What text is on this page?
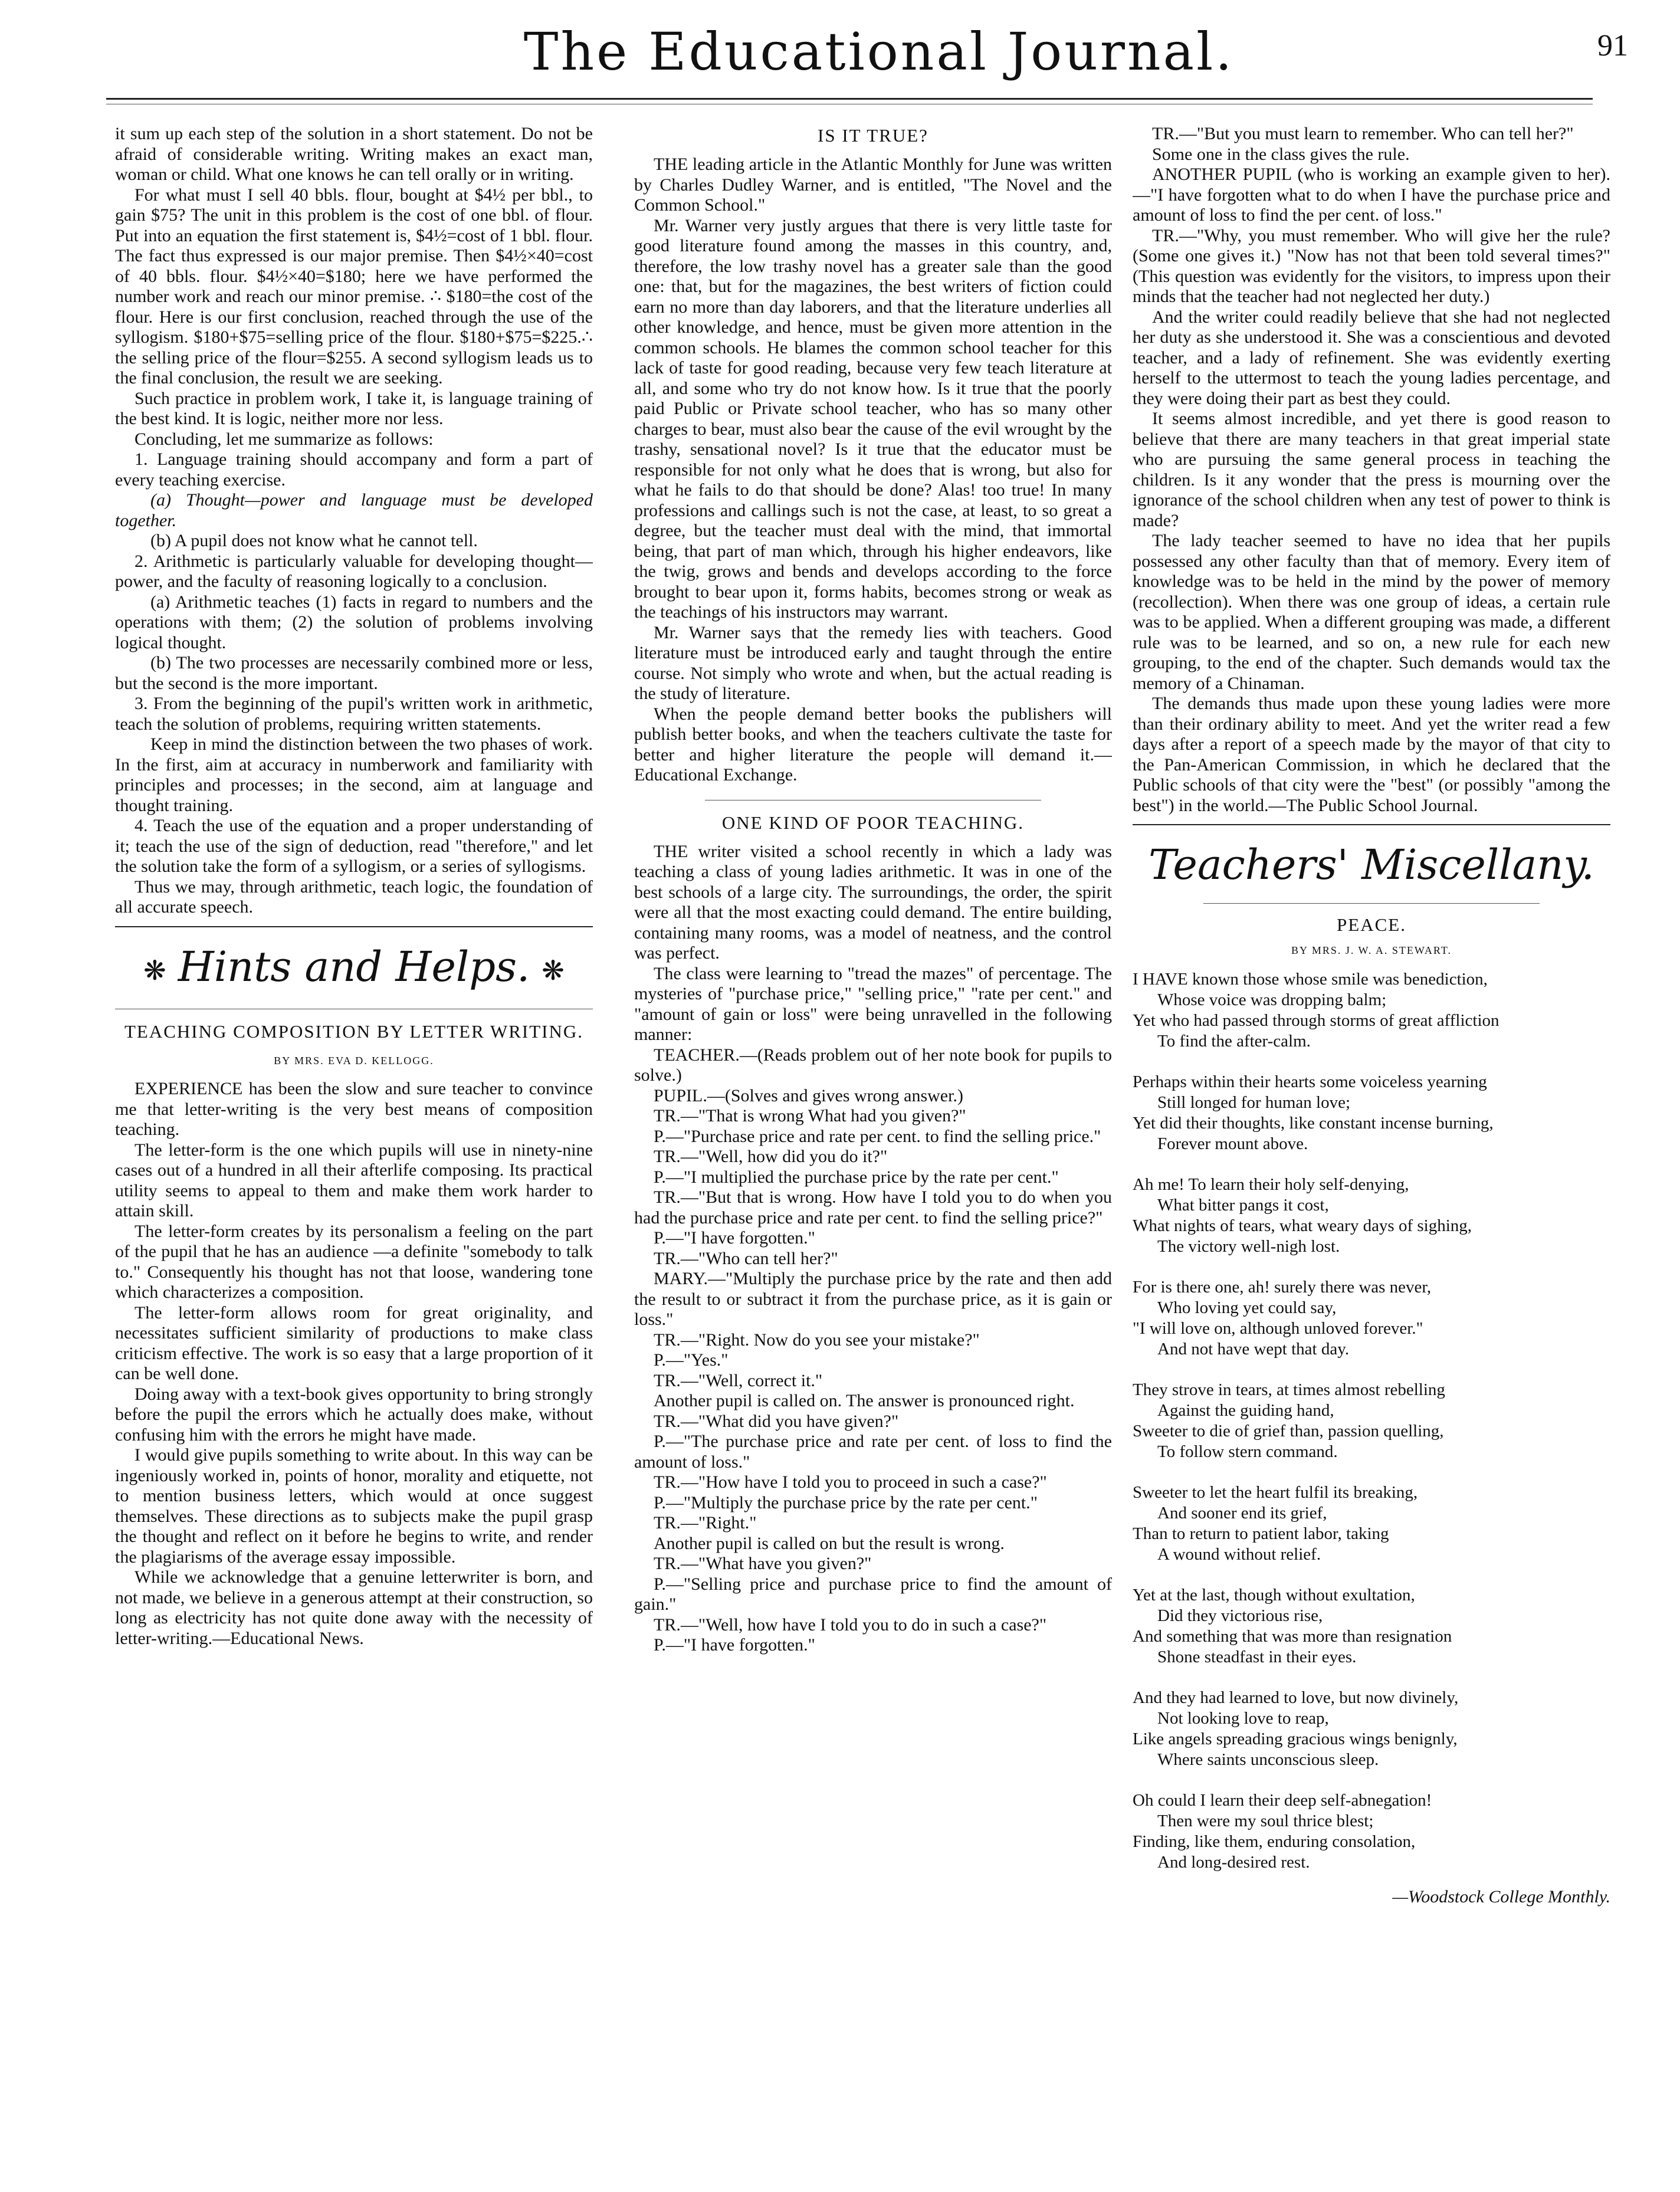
The Educational Journal.	91

it sum up each step of the solution in a short statement. Do not be afraid of considerable writing. Writing makes an exact man, woman or child. What one knows he can tell orally or in writing.

For what must I sell 40 bbls. flour, bought at $4½ per bbl., to gain $75? The unit in this problem is the cost of one bbl. of flour. Put into an equation the first statement is, $4½=cost of 1 bbl. flour. The fact thus expressed is our major premise. Then $4½×40=cost of 40 bbls. flour. $4½×40=$180; here we have performed the number work and reach our minor premise. ∴ $180=the cost of the flour. Here is our first conclusion, reached through the use of the syllogism. $180+$75=selling price of the flour. $180+$75=$225.∴ the selling price of the flour=$255. A second syllogism leads us to the final conclusion, the result we are seeking.

Such practice in problem work, I take it, is language training of the best kind. It is logic, neither more nor less.

Concluding, let me summarize as follows:

1. Language training should accompany and form a part of every teaching exercise.

(a) Thought—power and language must be developed together.

(b) A pupil does not know what he cannot tell.

2. Arithmetic is particularly valuable for developing thought—power, and the faculty of reasoning logically to a conclusion.

(a) Arithmetic teaches (1) facts in regard to numbers and the operations with them; (2) the solution of problems involving logical thought.

(b) The two processes are necessarily combined more or less, but the second is the more important.

3. From the beginning of the pupil's written work in arithmetic, teach the solution of problems, requiring written statements.

Keep in mind the distinction between the two phases of work. In the first, aim at accuracy in numberwork and familiarity with principles and processes; in the second, aim at language and thought training.

4. Teach the use of the equation and a proper understanding of it; teach the use of the sign of deduction, read "therefore," and let the solution take the form of a syllogism, or a series of syllogisms.

Thus we may, through arithmetic, teach logic, the foundation of all accurate speech.

❋ Hints and Helps. ❋
TEACHING COMPOSITION BY LETTER WRITING.
BY MRS. EVA D. KELLOGG.

EXPERIENCE has been the slow and sure teacher to convince me that letter-writing is the very best means of composition teaching.

The letter-form is the one which pupils will use in ninety-nine cases out of a hundred in all their afterlife composing. Its practical utility seems to appeal to them and make them work harder to attain skill.

The letter-form creates by its personalism a feeling on the part of the pupil that he has an audience —a definite "somebody to talk to." Consequently his thought has not that loose, wandering tone which characterizes a composition.

The letter-form allows room for great originality, and necessitates sufficient similarity of productions to make class criticism effective. The work is so easy that a large proportion of it can be well done.

Doing away with a text-book gives opportunity to bring strongly before the pupil the errors which he actually does make, without confusing him with the errors he might have made.

I would give pupils something to write about. In this way can be ingeniously worked in, points of honor, morality and etiquette, not to mention business letters, which would at once suggest themselves. These directions as to subjects make the pupil grasp the thought and reflect on it before he begins to write, and render the plagiarisms of the average essay impossible.

While we acknowledge that a genuine letterwriter is born, and not made, we believe in a generous attempt at their construction, so long as electricity has not quite done away with the necessity of letter-writing.—Educational News.

IS IT TRUE?

THE leading article in the Atlantic Monthly for June was written by Charles Dudley Warner, and is entitled, "The Novel and the Common School."

Mr. Warner very justly argues that there is very little taste for good literature found among the masses in this country, and, therefore, the low trashy novel has a greater sale than the good one: that, but for the magazines, the best writers of fiction could earn no more than day laborers, and that the literature underlies all other knowledge, and hence, must be given more attention in the common schools. He blames the common school teacher for this lack of taste for good reading, because very few teach literature at all, and some who try do not know how. Is it true that the poorly paid Public or Private school teacher, who has so many other charges to bear, must also bear the cause of the evil wrought by the trashy, sensational novel? Is it true that the educator must be responsible for not only what he does that is wrong, but also for what he fails to do that should be done? Alas! too true! In many professions and callings such is not the case, at least, to so great a degree, but the teacher must deal with the mind, that immortal being, that part of man which, through his higher endeavors, like the twig, grows and bends and develops according to the force brought to bear upon it, forms habits, becomes strong or weak as the teachings of his instructors may warrant.

Mr. Warner says that the remedy lies with teachers. Good literature must be introduced early and taught through the entire course. Not simply who wrote and when, but the actual reading is the study of literature.

When the people demand better books the publishers will publish better books, and when the teachers cultivate the taste for better and higher literature the people will demand it.—Educational Exchange.

ONE KIND OF POOR TEACHING.

THE writer visited a school recently in which a lady was teaching a class of young ladies arithmetic. It was in one of the best schools of a large city. The surroundings, the order, the spirit were all that the most exacting could demand. The entire building, containing many rooms, was a model of neatness, and the control was perfect.

The class were learning to "tread the mazes" of percentage. The mysteries of "purchase price," "selling price," "rate per cent." and "amount of gain or loss" were being unravelled in the following manner:

TEACHER.—(Reads problem out of her note book for pupils to solve.)

PUPIL.—(Solves and gives wrong answer.)

TR.—"That is wrong What had you given?"

P.—"Purchase price and rate per cent. to find the selling price."

TR.—"Well, how did you do it?"

P.—"I multiplied the purchase price by the rate per cent."

TR.—"But that is wrong. How have I told you to do when you had the purchase price and rate per cent. to find the selling price?"

P.—"I have forgotten."

TR.—"Who can tell her?"

MARY.—"Multiply the purchase price by the rate and then add the result to or subtract it from the purchase price, as it is gain or loss."

TR.—"Right. Now do you see your mistake?"

P.—"Yes."

TR.—"Well, correct it."

Another pupil is called on. The answer is pronounced right.

TR.—"What did you have given?"

P.—"The purchase price and rate per cent. of loss to find the amount of loss."

TR.—"How have I told you to proceed in such a case?"

P.—"Multiply the purchase price by the rate per cent."

TR.—"Right."

Another pupil is called on but the result is wrong.

TR.—"What have you given?"

P.—"Selling price and purchase price to find the amount of gain."

TR.—"Well, how have I told you to do in such a case?"

P.—"I have forgotten."

TR.—"But you must learn to remember. Who can tell her?"

Some one in the class gives the rule.

ANOTHER PUPIL (who is working an example given to her).—"I have forgotten what to do when I have the purchase price and amount of loss to find the per cent. of loss."

TR.—"Why, you must remember. Who will give her the rule? (Some one gives it.) "Now has not that been told several times?" (This question was evidently for the visitors, to impress upon their minds that the teacher had not neglected her duty.)

And the writer could readily believe that she had not neglected her duty as she understood it. She was a conscientious and devoted teacher, and a lady of refinement. She was evidently exerting herself to the uttermost to teach the young ladies percentage, and they were doing their part as best they could.

It seems almost incredible, and yet there is good reason to believe that there are many teachers in that great imperial state who are pursuing the same general process in teaching the children. Is it any wonder that the press is mourning over the ignorance of the school children when any test of power to think is made?

The lady teacher seemed to have no idea that her pupils possessed any other faculty than that of memory. Every item of knowledge was to be held in the mind by the power of memory (recollection). When there was one group of ideas, a certain rule was to be applied. When a different grouping was made, a different rule was to be learned, and so on, a new rule for each new grouping, to the end of the chapter. Such demands would tax the memory of a Chinaman.

The demands thus made upon these young ladies were more than their ordinary ability to meet. And yet the writer read a few days after a report of a speech made by the mayor of that city to the Pan-American Commission, in which he declared that the Public schools of that city were the "best" (or possibly "among the best") in the world.—The Public School Journal.

Teachers' Miscellany.
PEACE.
BY MRS. J. W. A. STEWART.
I HAVE known those whose smile was benediction,
Whose voice was dropping balm;
Yet who had passed through storms of great affliction
To find the after-calm.
Perhaps within their hearts some voiceless yearning
Still longed for human love;
Yet did their thoughts, like constant incense burning,
Forever mount above.
Ah me! To learn their holy self-denying,
What bitter pangs it cost,
What nights of tears, what weary days of sighing,
The victory well-nigh lost.
For is there one, ah! surely there was never,
Who loving yet could say,
"I will love on, although unloved forever."
And not have wept that day.
They strove in tears, at times almost rebelling
Against the guiding hand,
Sweeter to die of grief than, passion quelling,
To follow stern command.
Sweeter to let the heart fulfil its breaking,
And sooner end its grief,
Than to return to patient labor, taking
A wound without relief.
Yet at the last, though without exultation,
Did they victorious rise,
And something that was more than resignation
Shone steadfast in their eyes.
And they had learned to love, but now divinely,
Not looking love to reap,
Like angels spreading gracious wings benignly,
Where saints unconscious sleep.
Oh could I learn their deep self-abnegation!
Then were my soul thrice blest;
Finding, like them, enduring consolation,
And long-desired rest.
—Woodstock College Monthly.
